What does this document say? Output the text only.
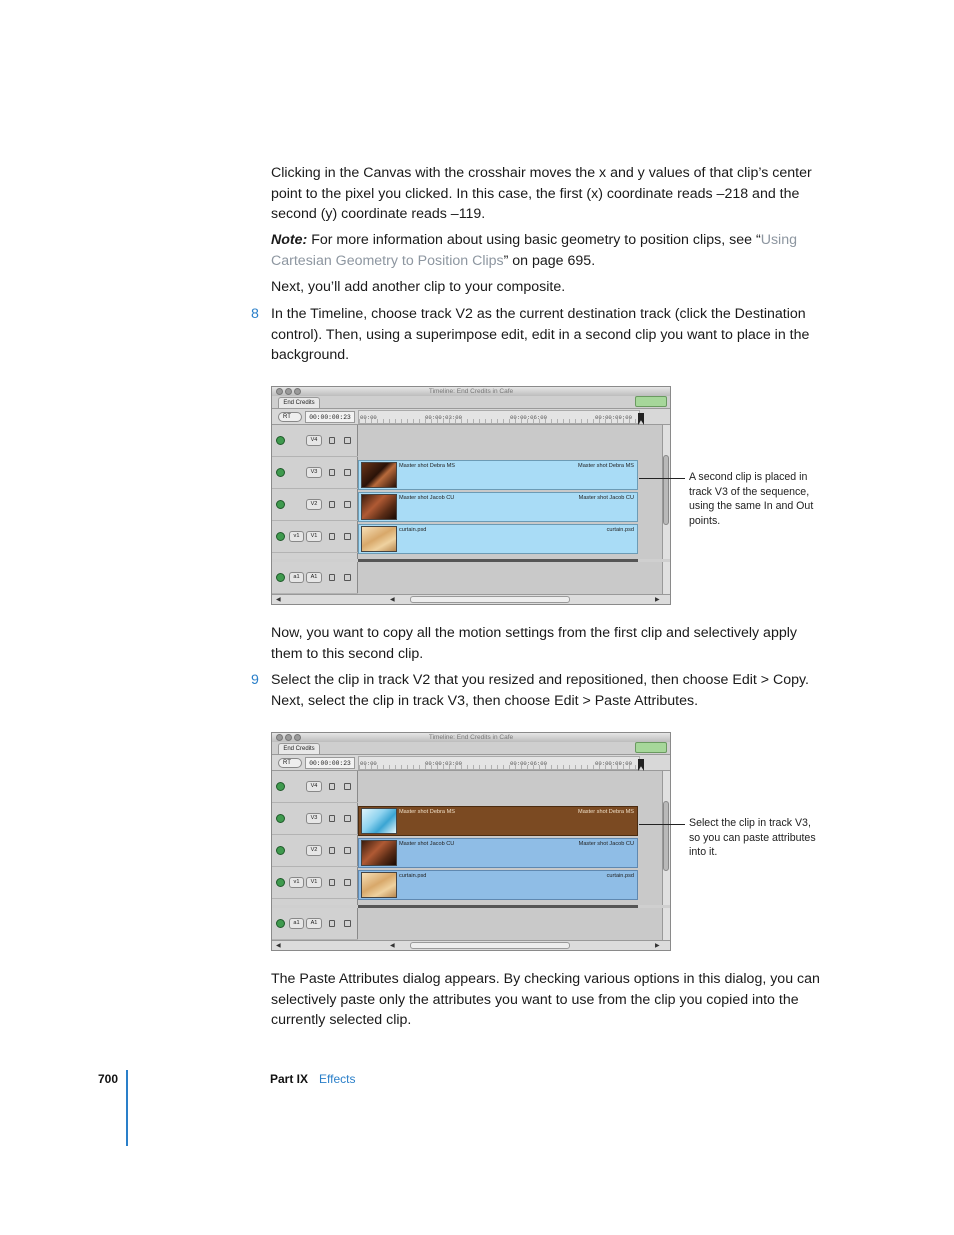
Clicking in the Canvas with the crosshair moves the x and y values of that clip’s center point to the pixel you clicked. In this case, the first (x) coordinate reads –218 and the second (y) coordinate reads –119.
Note: For more information about using basic geometry to position clips, see “Using Cartesian Geometry to Position Clips” on page 695.
Next, you’ll add another clip to your composite.
8 In the Timeline, choose track V2 as the current destination track (click the Destination control). Then, using a superimpose edit, edit in a second clip you want to place in the background.
Timeline: End Credits in Cafe
End Credits
RT	00:00:00:23	00:00	00:00:03:00	00:00:06:00	00:00:09:00
V4
V3
V2
v1	V1
Master shot Debra MS	Master shot Debra MS
Master shot Jacob CU	Master shot Jacob CU
curtain.psd	curtain.psd
a1	A1
◀	◀	▶
A second clip is placed in track V3 of the sequence, using the same In and Out points.
Now, you want to copy all the motion settings from the first clip and selectively apply them to this second clip.
9 Select the clip in track V2 that you resized and repositioned, then choose Edit > Copy. Next, select the clip in track V3, then choose Edit > Paste Attributes.
Timeline: End Credits in Cafe
End Credits
RT	00:00:00:23	00:00	00:00:03:00	00:00:06:00	00:00:09:00
V4
V3
V2
v1	V1
Master shot Debra MS	Master shot Debra MS
Master shot Jacob CU	Master shot Jacob CU
curtain.psd	curtain.psd
a1	A1
◀	◀	▶
Select the clip in track V3, so you can paste attributes into it.
The Paste Attributes dialog appears. By checking various options in this dialog, you can selectively paste only the attributes you want to use from the clip you copied into the currently selected clip.
700	Part IX Effects
